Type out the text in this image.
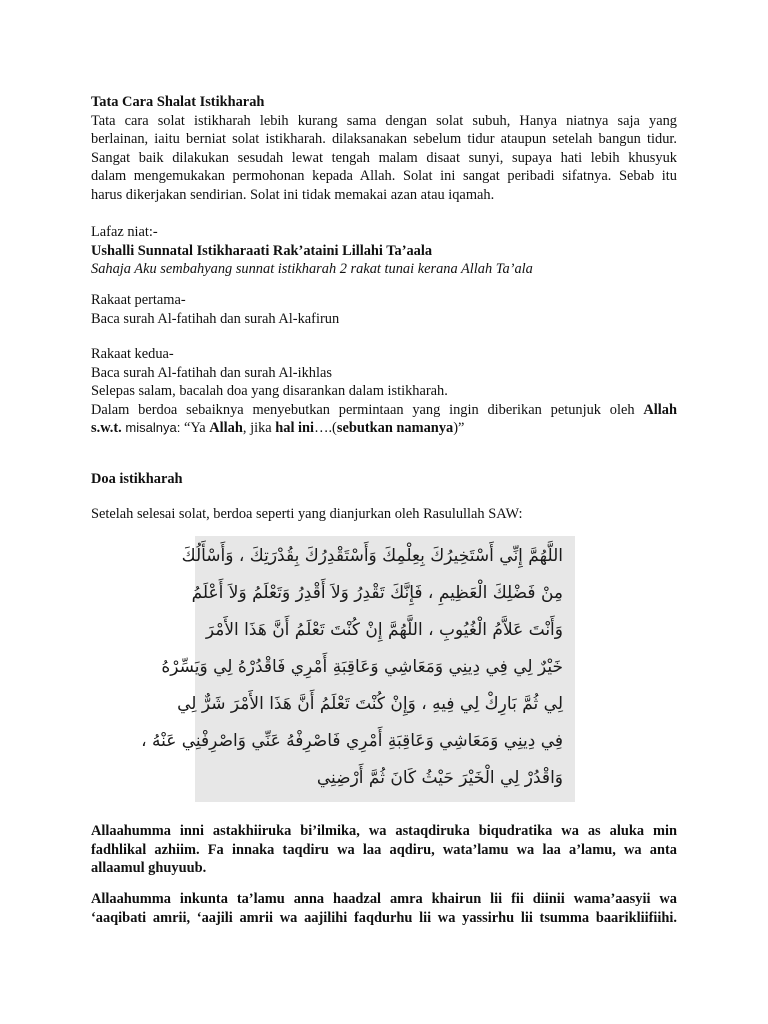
Tata Cara Shalat Istikharah

Tata cara solat istikharah lebih kurang sama dengan solat subuh, Hanya niatnya saja yang

berlainan, iaitu berniat solat istikharah. dilaksanakan sebelum tidur ataupun setelah bangun tidur.

Sangat baik dilakukan sesudah lewat tengah malam disaat sunyi, supaya hati lebih khusyuk

dalam mengemukakan permohonan kepada Allah. Solat ini sangat peribadi sifatnya. Sebab itu

harus dikerjakan sendirian. Solat ini tidak memakai azan atau iqamah.

Lafaz niat:-

Ushalli Sunnatal Istikharaati Rak’ataini Lillahi Ta’aala

Sahaja Aku sembahyang sunnat istikharah 2 rakat tunai kerana Allah Ta’ala

Rakaat pertama-

Baca surah Al-fatihah dan surah Al-kafirun

Rakaat kedua-

Baca surah Al-fatihah dan surah Al-ikhlas

Selepas salam, bacalah doa yang disarankan dalam istikharah.

Dalam berdoa sebaiknya menyebutkan permintaan yang ingin diberikan petunjuk oleh Allah

s.w.t. misalnya: “Ya Allah, jika hal ini….(sebutkan namanya)”

Doa istikharah

Setelah selesai solat, berdoa seperti yang dianjurkan oleh Rasulullah SAW:

اللَّهُمَّ إِنِّي أَسْتَخِيرُكَ بِعِلْمِكَ وَأَسْتَقْدِرُكَ بِقُدْرَتِكَ ، وَأَسْأَلُكَ

مِنْ فَضْلِكَ الْعَظِيمِ ، فَإِنَّكَ تَقْدِرُ وَلاَ أَقْدِرُ وَتَعْلَمُ وَلاَ أَعْلَمُ

وَأَنْتَ عَلاَّمُ الْغُيُوبِ ، اللَّهُمَّ إِنْ كُنْتَ تَعْلَمُ أَنَّ هَذَا الأَمْرَ

خَيْرٌ لِي فِي دِينِي وَمَعَاشِي وَعَاقِبَةِ أَمْرِي فَاقْدُرْهُ لِي وَيَسِّرْهُ

لِي ثُمَّ بَارِكْ لِي فِيهِ ، وَإِنْ كُنْتَ تَعْلَمُ أَنَّ هَذَا الأَمْرَ شَرٌّ لِي

فِي دِينِي وَمَعَاشِي وَعَاقِبَةِ أَمْرِي فَاصْرِفْهُ عَنِّي وَاصْرِفْنِي عَنْهُ ،

وَاقْدُرْ لِي الْخَيْرَ حَيْثُ كَانَ ثُمَّ أَرْضِنِي

Allaahumma inni astakhiiruka bi’ilmika, wa astaqdiruka biqudratika wa as aluka min

fadhlikal azhiim. Fa innaka taqdiru wa laa aqdiru, wata’lamu wa laa a’lamu, wa anta

allaamul ghuyuub.

Allaahumma inkunta ta’lamu anna haadzal amra khairun lii fii diinii wama’aasyii wa

‘aaqibati amrii, ‘aajili amrii wa aajilihi faqdurhu lii wa yassirhu lii tsumma baarikliifiihi.
